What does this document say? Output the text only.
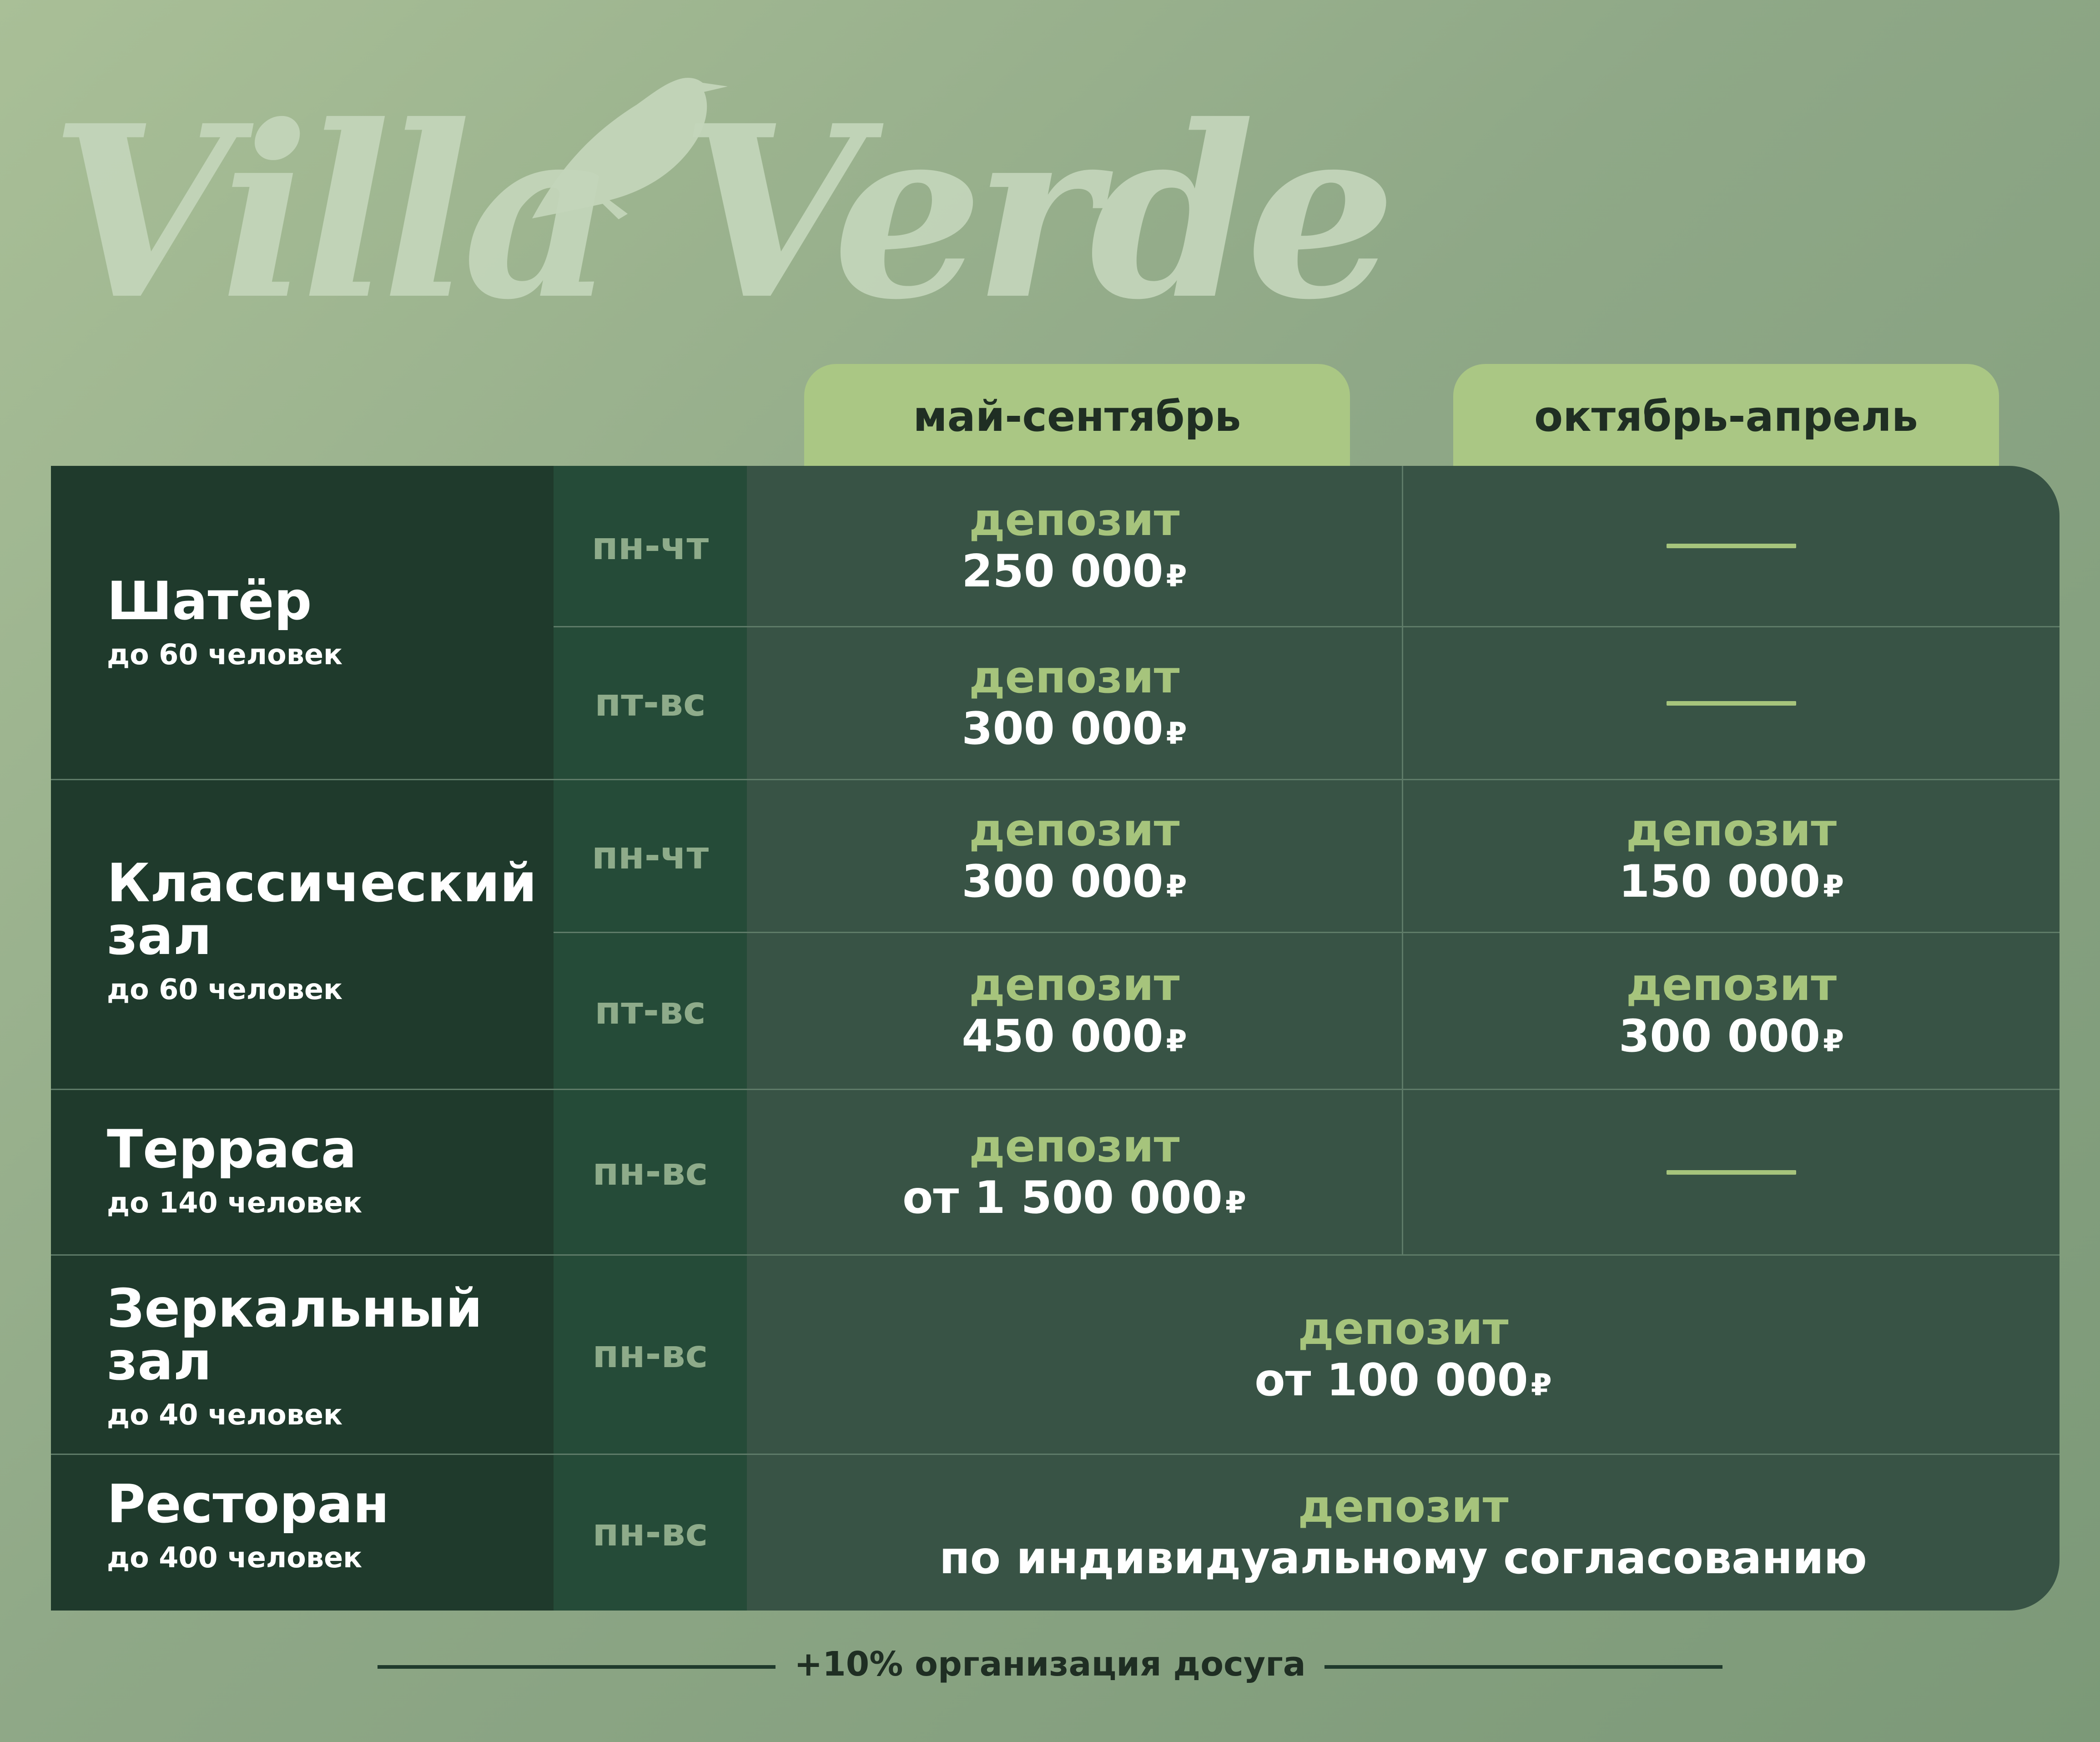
Villa Verde
май-сентябрь	октябрь-апрель
Шатёр
до 60 человек
Классический зал
до 60 человек
Терраса
до 140 человек
Зеркальный зал
до 40 человек
Ресторан
до 400 человек
пн-чт
пт-вс
пн-чт
пт-вс
пн-вс
пн-вс
пн-вс
депозит
250 000₽
депозит
300 000₽
депозит
300 000₽
депозит
150 000₽
депозит
450 000₽
депозит
300 000₽
депозит
от 1 500 000₽
депозит
от 100 000₽
депозит
по индивидуальному согласованию
+10% организация досуга
